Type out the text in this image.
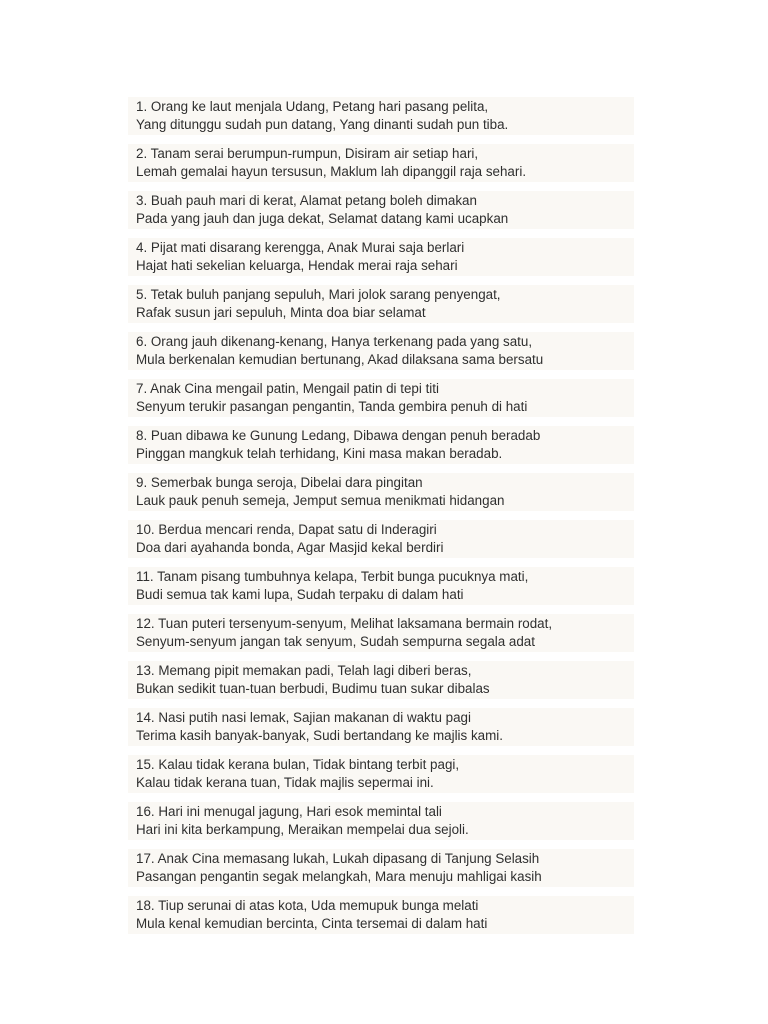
1. Orang ke laut menjala Udang, Petang hari pasang pelita,
Yang ditunggu sudah pun datang, Yang dinanti sudah pun tiba.
2. Tanam serai berumpun-rumpun, Disiram air setiap hari,
Lemah gemalai hayun tersusun, Maklum lah dipanggil raja sehari.
3. Buah pauh mari di kerat, Alamat petang boleh dimakan
Pada yang jauh dan juga dekat, Selamat datang kami ucapkan
4. Pijat mati disarang kerengga, Anak Murai saja berlari
Hajat hati sekelian keluarga, Hendak merai raja sehari
5. Tetak buluh panjang sepuluh, Mari jolok sarang penyengat,
Rafak susun jari sepuluh, Minta doa biar selamat
6. Orang jauh dikenang-kenang, Hanya terkenang pada yang satu,
Mula berkenalan kemudian bertunang, Akad dilaksana sama bersatu
7. Anak Cina mengail patin, Mengail patin di tepi titi
Senyum terukir pasangan pengantin, Tanda gembira penuh di hati
8. Puan dibawa ke Gunung Ledang, Dibawa dengan penuh beradab
Pinggan mangkuk telah terhidang, Kini masa makan beradab.
9. Semerbak bunga seroja, Dibelai dara pingitan
Lauk pauk penuh semeja, Jemput semua menikmati hidangan
10. Berdua mencari renda, Dapat satu di Inderagiri
Doa dari ayahanda bonda, Agar Masjid kekal berdiri
11. Tanam pisang tumbuhnya kelapa, Terbit bunga pucuknya mati,
Budi semua tak kami lupa, Sudah terpaku di dalam hati
12. Tuan puteri tersenyum-senyum, Melihat laksamana bermain rodat,
Senyum-senyum jangan tak senyum, Sudah sempurna segala adat
13. Memang pipit memakan padi, Telah lagi diberi beras,
Bukan sedikit tuan-tuan berbudi, Budimu tuan sukar dibalas
14. Nasi putih nasi lemak, Sajian makanan di waktu pagi
Terima kasih banyak-banyak, Sudi bertandang ke majlis kami.
15. Kalau tidak kerana bulan, Tidak bintang terbit pagi,
Kalau tidak kerana tuan, Tidak majlis sepermai ini.
16. Hari ini menugal jagung, Hari esok memintal tali
Hari ini kita berkampung, Meraikan mempelai dua sejoli.
17. Anak Cina memasang lukah, Lukah dipasang di Tanjung Selasih
Pasangan pengantin segak melangkah, Mara menuju mahligai kasih
18. Tiup serunai di atas kota, Uda memupuk bunga melati
Mula kenal kemudian bercinta, Cinta tersemai di dalam hati
